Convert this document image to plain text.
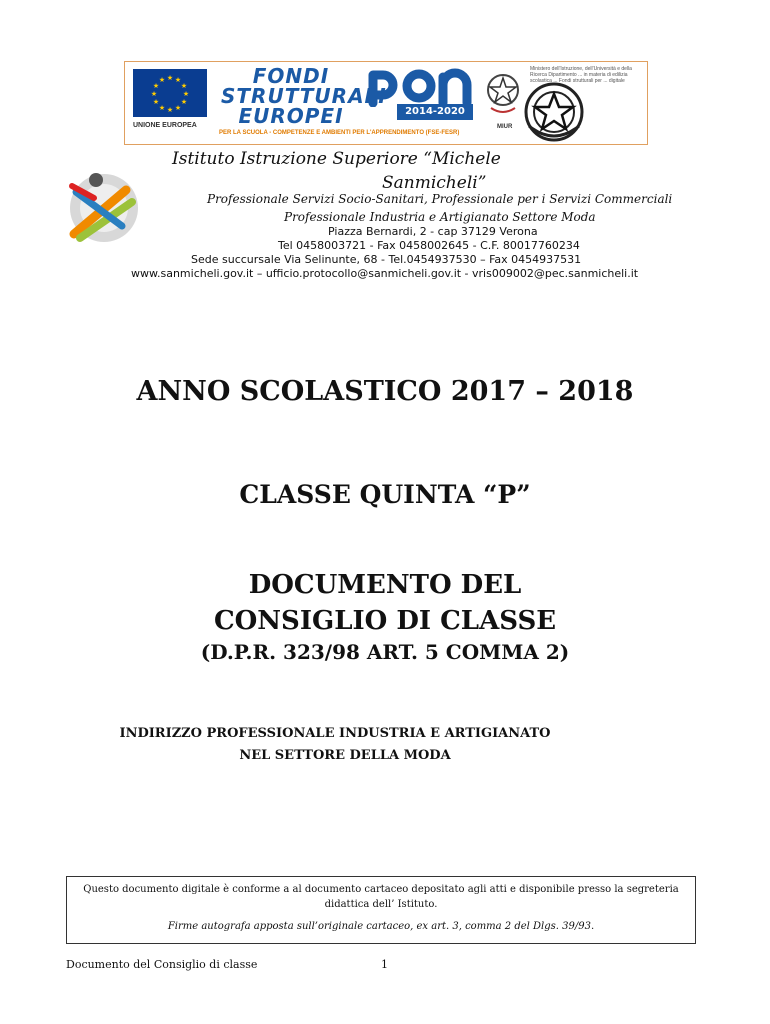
★ ★
★
★
★
★
★
★
★
★
★
★
UNIONE EUROPEA
FONDI
STRUTTURALI
EUROPEI	2014-2020
PER LA SCUOLA - COMPETENZE E AMBIENTI PER L'APPRENDIMENTO (FSE-FESR)
MIUR
Ministero dell'Istruzione, dell'Università e della Ricerca Dipartimento ... in materia di edilizia scolastica ... Fondi strutturali per ... digitale
Istituto Istruzione Superiore “Michele
Sanmicheli”
Professionale Servizi Socio-Sanitari, Professionale per i Servizi Commerciali
Professionale Industria e Artigianato Settore Moda
Piazza Bernardi, 2 - cap 37129 Verona
Tel 0458003721 - Fax 0458002645 - C.F. 80017760234
Sede succursale Via Selinunte, 68 - Tel.0454937530 – Fax 0454937531
www.sanmicheli.gov.it – ufficio.protocollo@sanmicheli.gov.it - vris009002@pec.sanmicheli.it
ANNO SCOLASTICO 2017 – 2018
CLASSE QUINTA “P”
DOCUMENTO DEL
CONSIGLIO DI CLASSE
(D.P.R. 323/98 ART. 5 COMMA 2)
INDIRIZZO PROFESSIONALE INDUSTRIA E ARTIGIANATO
NEL SETTORE DELLA MODA
Questo documento digitale è conforme a al documento cartaceo depositato agli atti e disponibile presso la segreteria
didattica dell’ Istituto.
Firme autografa apposta sull’originale cartaceo, ex art. 3, comma 2 del Dlgs. 39/93.
Documento del Consiglio di classe	1
